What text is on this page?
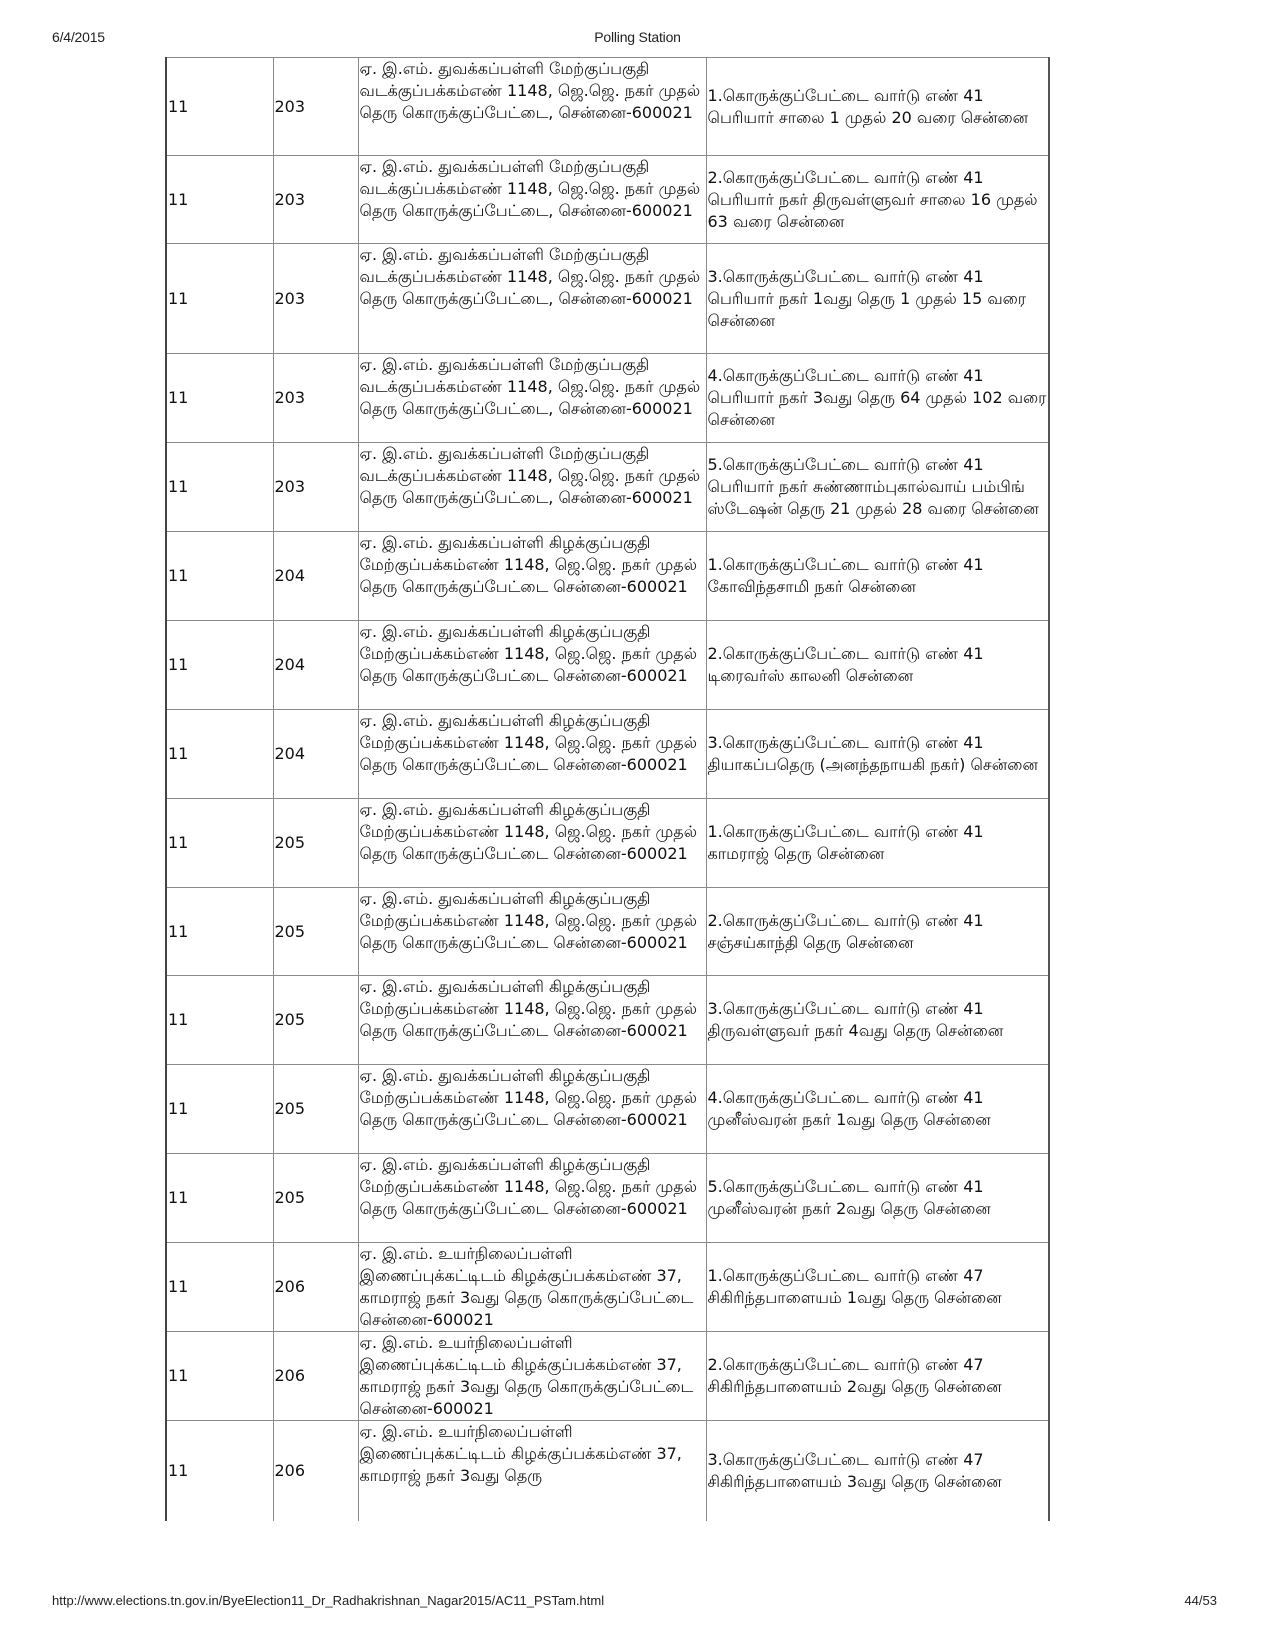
6/4/2015	Polling Station
11	203	ஏ. இ.எம். துவக்கப்பள்ளி மேற்குப்பகுதி வடக்குப்பக்கம்எண் 1148, ஜெ.ஜெ. நகர் முதல் தெரு கொருக்குப்பேட்டை, சென்னை-600021	1.கொருக்குப்பேட்டை வார்டு எண் 41 பெரியார் சாலை 1 முதல் 20 வரை சென்னை
11	203	ஏ. இ.எம். துவக்கப்பள்ளி மேற்குப்பகுதி வடக்குப்பக்கம்எண் 1148, ஜெ.ஜெ. நகர் முதல் தெரு கொருக்குப்பேட்டை, சென்னை-600021	2.கொருக்குப்பேட்டை வார்டு எண் 41 பெரியார் நகர் திருவள்ளுவர் சாலை 16 முதல் 63 வரை சென்னை
11	203	ஏ. இ.எம். துவக்கப்பள்ளி மேற்குப்பகுதி வடக்குப்பக்கம்எண் 1148, ஜெ.ஜெ. நகர் முதல் தெரு கொருக்குப்பேட்டை, சென்னை-600021	3.கொருக்குப்பேட்டை வார்டு எண் 41 பெரியார் நகர் 1வது தெரு 1 முதல் 15 வரை சென்னை
11	203	ஏ. இ.எம். துவக்கப்பள்ளி மேற்குப்பகுதி வடக்குப்பக்கம்எண் 1148, ஜெ.ஜெ. நகர் முதல் தெரு கொருக்குப்பேட்டை, சென்னை-600021	4.கொருக்குப்பேட்டை வார்டு எண் 41 பெரியார் நகர் 3வது தெரு 64 முதல் 102 வரை சென்னை
11	203	ஏ. இ.எம். துவக்கப்பள்ளி மேற்குப்பகுதி வடக்குப்பக்கம்எண் 1148, ஜெ.ஜெ. நகர் முதல் தெரு கொருக்குப்பேட்டை, சென்னை-600021	5.கொருக்குப்பேட்டை வார்டு எண் 41 பெரியார் நகர் சுண்ணாம்புகால்வாய் பம்பிங் ஸ்டேஷன் தெரு 21 முதல் 28 வரை சென்னை
11	204	ஏ. இ.எம். துவக்கப்பள்ளி கிழக்குப்பகுதி மேற்குப்பக்கம்எண் 1148, ஜெ.ஜெ. நகர் முதல் தெரு கொருக்குப்பேட்டை சென்னை-600021	1.கொருக்குப்பேட்டை வார்டு எண் 41 கோவிந்தசாமி நகர் சென்னை
11	204	ஏ. இ.எம். துவக்கப்பள்ளி கிழக்குப்பகுதி மேற்குப்பக்கம்எண் 1148, ஜெ.ஜெ. நகர் முதல் தெரு கொருக்குப்பேட்டை சென்னை-600021	2.கொருக்குப்பேட்டை வார்டு எண் 41 டிரைவர்ஸ் காலனி சென்னை
11	204	ஏ. இ.எம். துவக்கப்பள்ளி கிழக்குப்பகுதி மேற்குப்பக்கம்எண் 1148, ஜெ.ஜெ. நகர் முதல் தெரு கொருக்குப்பேட்டை சென்னை-600021	3.கொருக்குப்பேட்டை வார்டு எண் 41 தியாகப்பதெரு (அனந்தநாயகி நகர்) சென்னை
11	205	ஏ. இ.எம். துவக்கப்பள்ளி கிழக்குப்பகுதி மேற்குப்பக்கம்எண் 1148, ஜெ.ஜெ. நகர் முதல் தெரு கொருக்குப்பேட்டை சென்னை-600021	1.கொருக்குப்பேட்டை வார்டு எண் 41 காமராஜ் தெரு சென்னை
11	205	ஏ. இ.எம். துவக்கப்பள்ளி கிழக்குப்பகுதி மேற்குப்பக்கம்எண் 1148, ஜெ.ஜெ. நகர் முதல் தெரு கொருக்குப்பேட்டை சென்னை-600021	2.கொருக்குப்பேட்டை வார்டு எண் 41 சஞ்சய்காந்தி தெரு சென்னை
11	205	ஏ. இ.எம். துவக்கப்பள்ளி கிழக்குப்பகுதி மேற்குப்பக்கம்எண் 1148, ஜெ.ஜெ. நகர் முதல் தெரு கொருக்குப்பேட்டை சென்னை-600021	3.கொருக்குப்பேட்டை வார்டு எண் 41 திருவள்ளுவர் நகர் 4வது தெரு சென்னை
11	205	ஏ. இ.எம். துவக்கப்பள்ளி கிழக்குப்பகுதி மேற்குப்பக்கம்எண் 1148, ஜெ.ஜெ. நகர் முதல் தெரு கொருக்குப்பேட்டை சென்னை-600021	4.கொருக்குப்பேட்டை வார்டு எண் 41 முனீஸ்வரன் நகர் 1வது தெரு சென்னை
11	205	ஏ. இ.எம். துவக்கப்பள்ளி கிழக்குப்பகுதி மேற்குப்பக்கம்எண் 1148, ஜெ.ஜெ. நகர் முதல் தெரு கொருக்குப்பேட்டை சென்னை-600021	5.கொருக்குப்பேட்டை வார்டு எண் 41 முனீஸ்வரன் நகர் 2வது தெரு சென்னை
11	206	ஏ. இ.எம். உயர்நிலைப்பள்ளி இணைப்புக்கட்டிடம் கிழக்குப்பக்கம்எண் 37, காமராஜ் நகர் 3வது தெரு கொருக்குப்பேட்டை சென்னை-600021	1.கொருக்குப்பேட்டை வார்டு எண் 47 சிகிரிந்தபாளையம் 1வது தெரு சென்னை
11	206	ஏ. இ.எம். உயர்நிலைப்பள்ளி இணைப்புக்கட்டிடம் கிழக்குப்பக்கம்எண் 37, காமராஜ் நகர் 3வது தெரு கொருக்குப்பேட்டை சென்னை-600021	2.கொருக்குப்பேட்டை வார்டு எண் 47 சிகிரிந்தபாளையம் 2வது தெரு சென்னை
11	206	ஏ. இ.எம். உயர்நிலைப்பள்ளி இணைப்புக்கட்டிடம் கிழக்குப்பக்கம்எண் 37, காமராஜ் நகர் 3வது தெரு	3.கொருக்குப்பேட்டை வார்டு எண் 47 சிகிரிந்தபாளையம் 3வது தெரு சென்னை
http://www.elections.tn.gov.in/ByeElection11_Dr_Radhakrishnan_Nagar2015/AC11_PSTam.html	44/53
